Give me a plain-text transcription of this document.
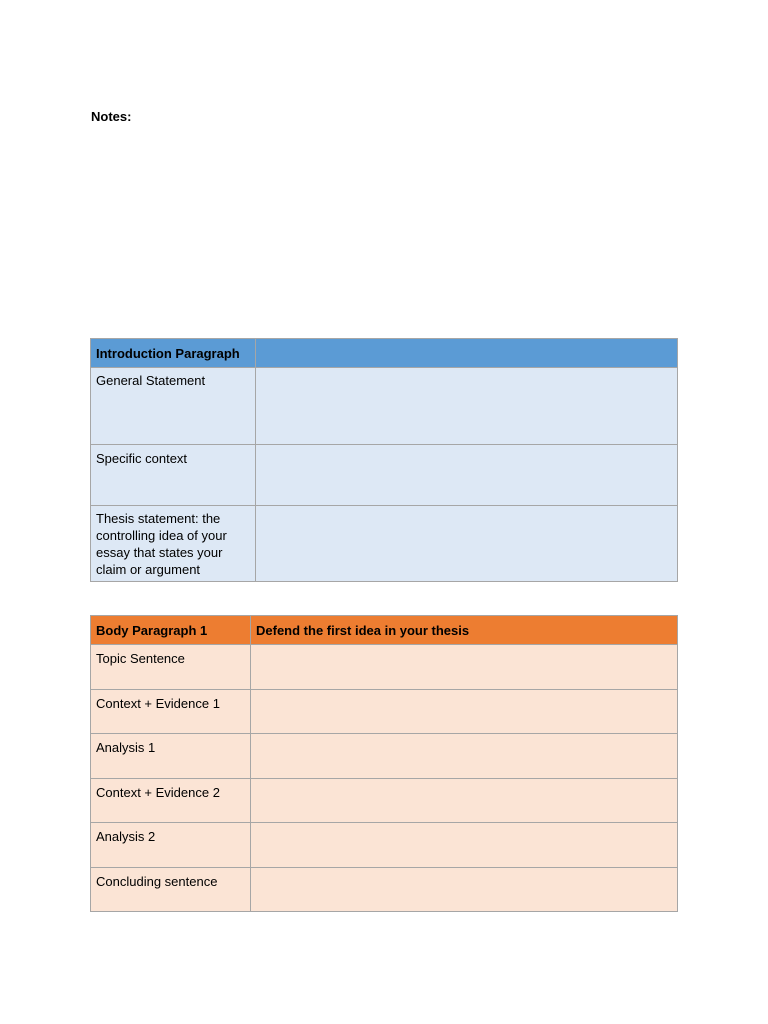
Notes:

Introduction Paragraph	
General Statement	
Specific context	
Thesis statement: the controlling idea of your essay that states your claim or argument	
Body Paragraph 1	Defend the first idea in your thesis
Topic Sentence	
Context + Evidence 1	
Analysis 1	
Context + Evidence 2	
Analysis 2	
Concluding sentence	
